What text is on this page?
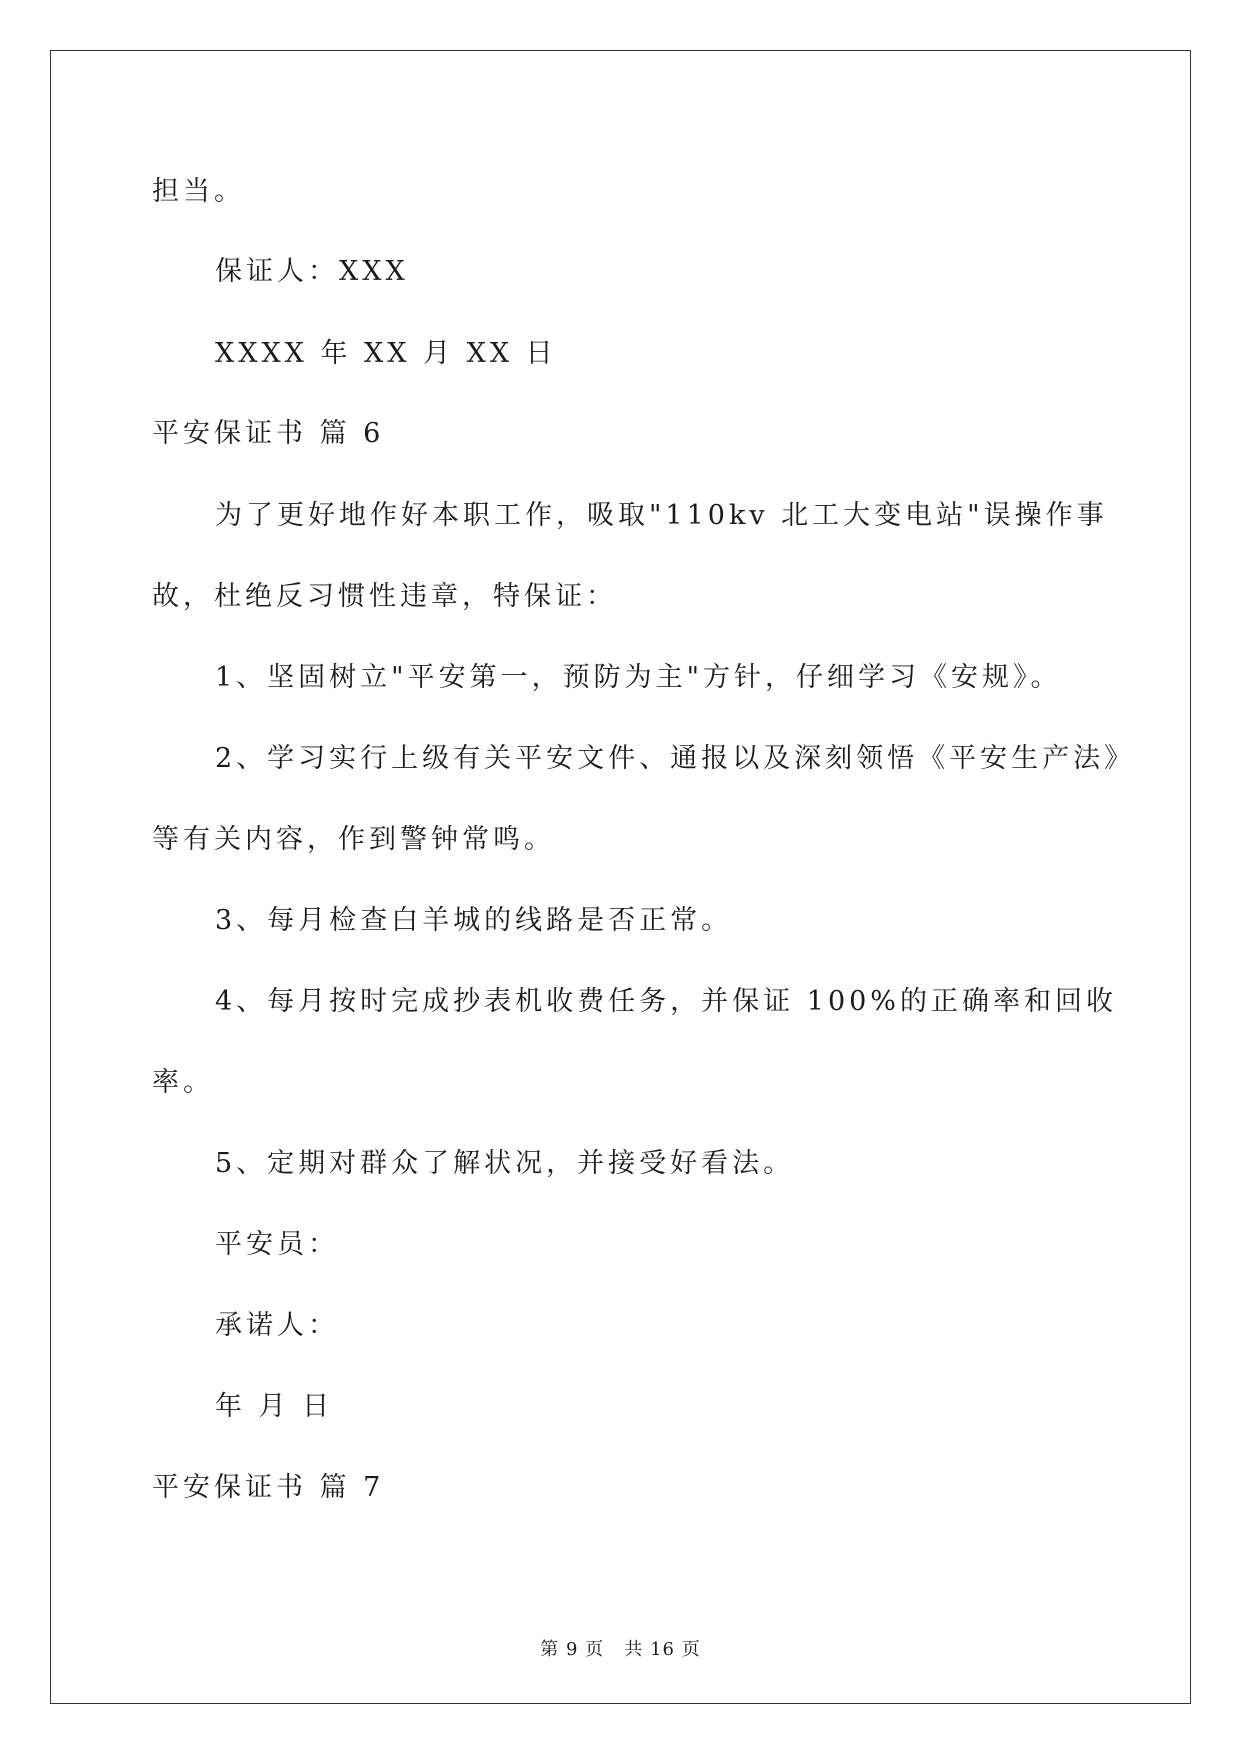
担当。
保证人：XXX
XXXX 年 XX 月 XX 日
平安保证书 篇 6
为了更好地作好本职工作，吸取"110kv 北工大变电站"误操作事
故，杜绝反习惯性违章，特保证：
1、坚固树立"平安第一，预防为主"方针，仔细学习《安规》。
2、学习实行上级有关平安文件、通报以及深刻领悟《平安生产法》
等有关内容，作到警钟常鸣。
3、每月检查白羊城的线路是否正常。
4、每月按时完成抄表机收费任务，并保证 100%的正确率和回收
率。
5、定期对群众了解状况，并接受好看法。
平安员：
承诺人：
年 月 日
平安保证书 篇 7
第 9 页   共 16 页
